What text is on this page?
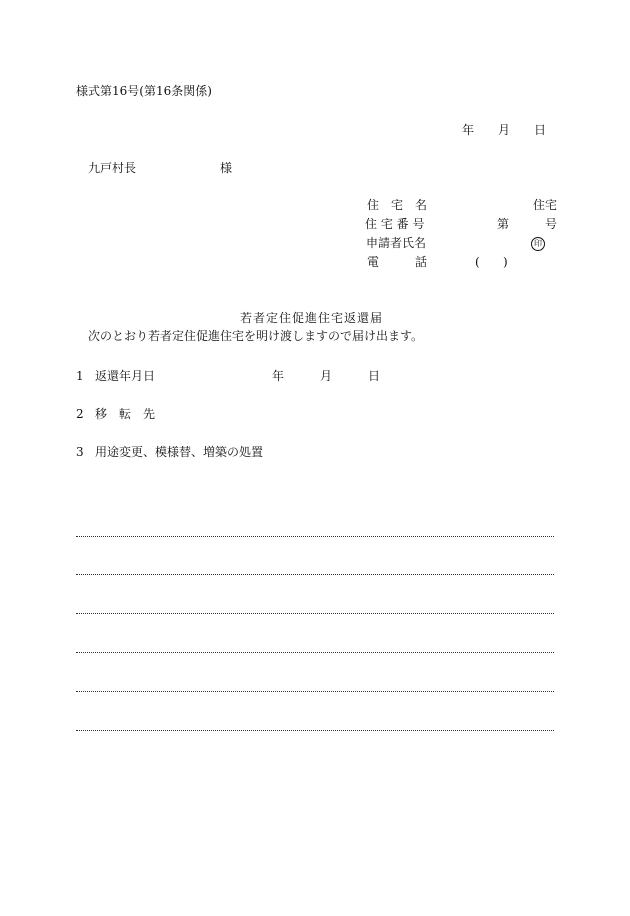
様式第16号(第16条関係)
年 月 日
九戸村長	様
住　宅　名	住宅
住 宅 番 号	第	号
申請者氏名	印
電　　　話	( )
若者定住促進住宅返還届
次のとおり若者定住促進住宅を明け渡しますので届け出ます。
1 返還年月日	年	月	日
2 移　転　先
3 用途変更、模様替、増築の処置
